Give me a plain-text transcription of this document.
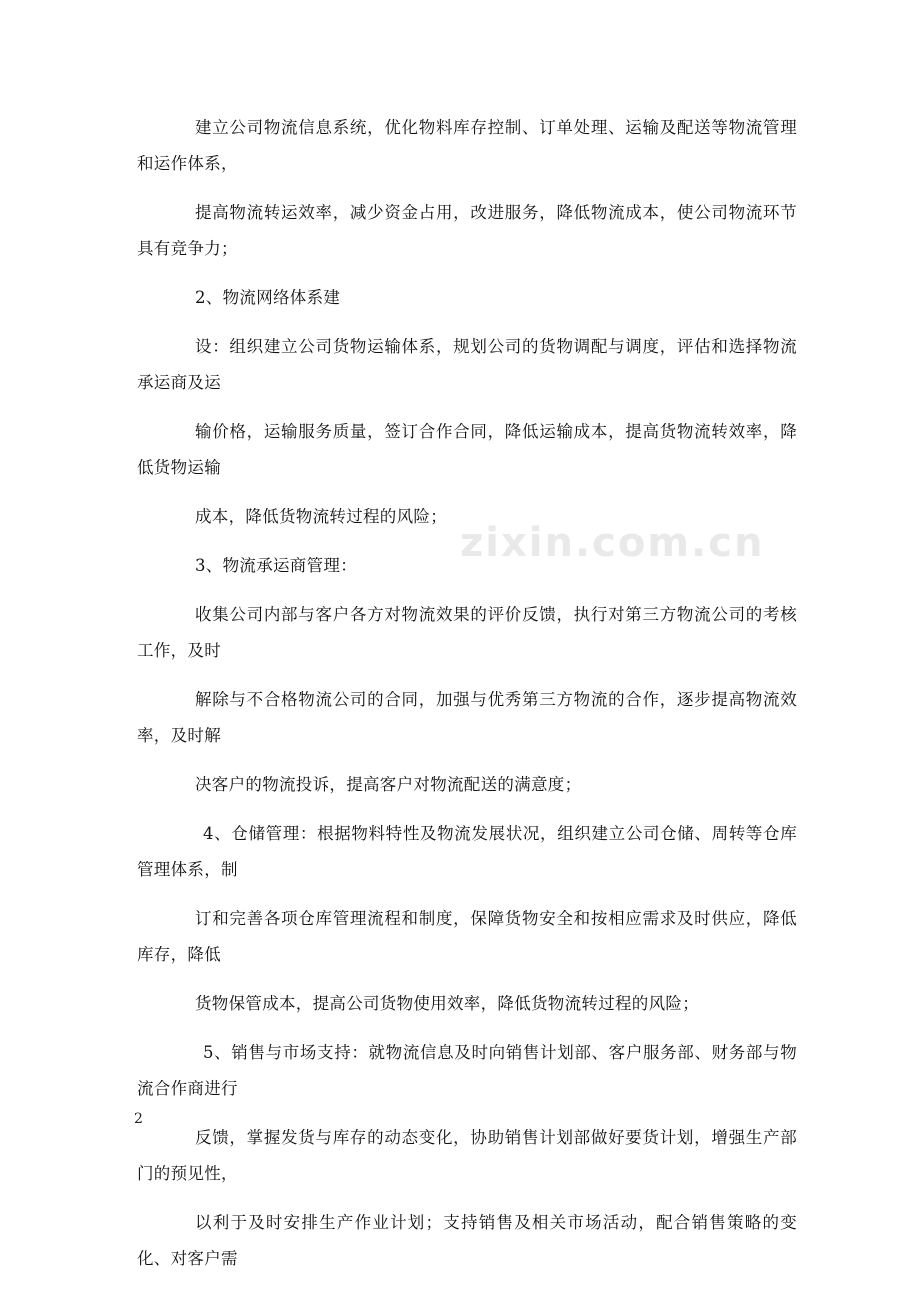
zixin.com.cn

建立公司物流信息系统，优化物料库存控制、订单处理、运输及配送等物流管理和运作体系，

提高物流转运效率，减少资金占用，改进服务，降低物流成本，使公司物流环节具有竞争力；

2、物流网络体系建

设：组织建立公司货物运输体系，规划公司的货物调配与调度，评估和选择物流承运商及运

输价格，运输服务质量，签订合作合同，降低运输成本，提高货物流转效率，降低货物运输

成本，降低货物流转过程的风险；

3、物流承运商管理：

收集公司内部与客户各方对物流效果的评价反馈，执行对第三方物流公司的考核工作，及时

解除与不合格物流公司的合同，加强与优秀第三方物流的合作，逐步提高物流效率，及时解

决客户的物流投诉，提高客户对物流配送的满意度；

4、仓储管理：根据物料特性及物流发展状况，组织建立公司仓储、周转等仓库管理体系，制

订和完善各项仓库管理流程和制度，保障货物安全和按相应需求及时供应，降低库存，降低

货物保管成本，提高公司货物使用效率，降低货物流转过程的风险；

5、销售与市场支持：就物流信息及时向销售计划部、客户服务部、财务部与物流合作商进行

反馈，掌握发货与库存的动态变化，协助销售计划部做好要货计划，增强生产部门的预见性，

以利于及时安排生产作业计划；支持销售及相关市场活动，配合销售策略的变化、对客户需

2
